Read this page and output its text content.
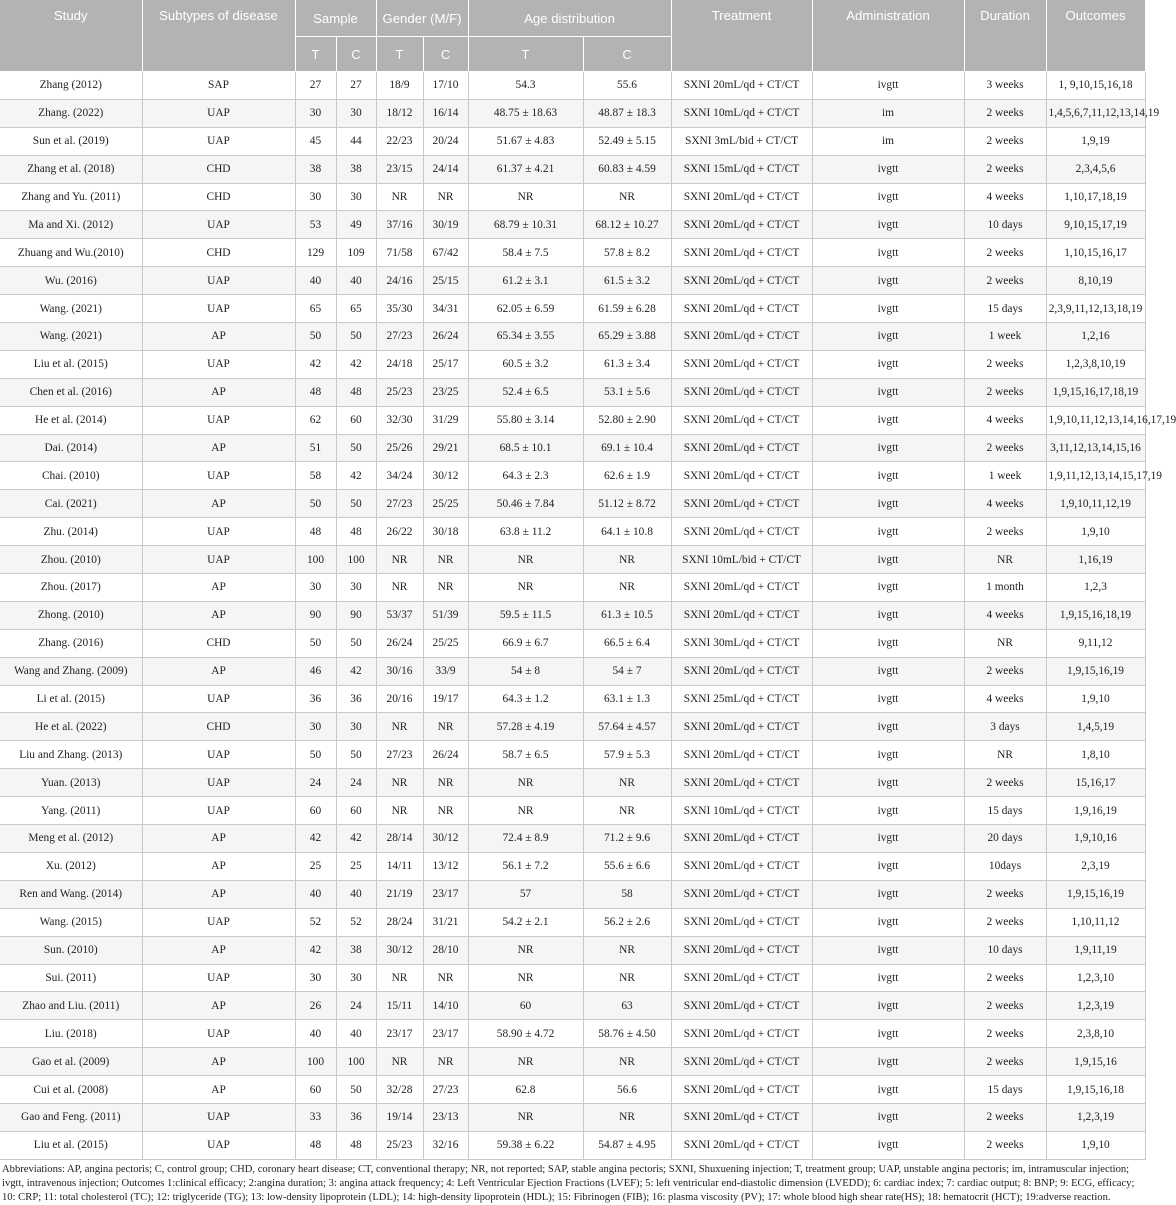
Study	Subtypes of disease	Sample		Gender (M/F)		Age distribution		Treatment	Administration	Duration	Outcomes
		T	C	T	C	T	C				
Zhang (2012)	SAP	27	27	18/9	17/10	54.3	55.6	SXNI 20mL/qd + CT/CT	ivgtt	3 weeks	1, 9,10,15,16,18
Zhang. (2022)	UAP	30	30	18/12	16/14	48.75 ± 18.63	48.87 ± 18.3	SXNI 10mL/qd + CT/CT	im	2 weeks	1,4,5,6,7,11,12,13,14,19
Sun et al. (2019)	UAP	45	44	22/23	20/24	51.67 ± 4.83	52.49 ± 5.15	SXNI 3mL/bid + CT/CT	im	2 weeks	1,9,19
Zhang et al. (2018)	CHD	38	38	23/15	24/14	61.37 ± 4.21	60.83 ± 4.59	SXNI 15mL/qd + CT/CT	ivgtt	2 weeks	2,3,4,5,6
Zhang and Yu. (2011)	CHD	30	30	NR	NR	NR	NR	SXNI 20mL/qd + CT/CT	ivgtt	4 weeks	1,10,17,18,19
Ma and Xi. (2012)	UAP	53	49	37/16	30/19	68.79 ± 10.31	68.12 ± 10.27	SXNI 20mL/qd + CT/CT	ivgtt	10 days	9,10,15,17,19
Zhuang and Wu.(2010)	CHD	129	109	71/58	67/42	58.4 ± 7.5	57.8 ± 8.2	SXNI 20mL/qd + CT/CT	ivgtt	2 weeks	1,10,15,16,17
Wu. (2016)	UAP	40	40	24/16	25/15	61.2 ± 3.1	61.5 ± 3.2	SXNI 20mL/qd + CT/CT	ivgtt	2 weeks	8,10,19
Wang. (2021)	UAP	65	65	35/30	34/31	62.05 ± 6.59	61.59 ± 6.28	SXNI 20mL/qd + CT/CT	ivgtt	15 days	2,3,9,11,12,13,18,19
Wang. (2021)	AP	50	50	27/23	26/24	65.34 ± 3.55	65.29 ± 3.88	SXNI 20mL/qd + CT/CT	ivgtt	1 week	1,2,16
Liu et al. (2015)	UAP	42	42	24/18	25/17	60.5 ± 3.2	61.3 ± 3.4	SXNI 20mL/qd + CT/CT	ivgtt	2 weeks	1,2,3,8,10,19
Chen et al. (2016)	AP	48	48	25/23	23/25	52.4 ± 6.5	53.1 ± 5.6	SXNI 20mL/qd + CT/CT	ivgtt	2 weeks	1,9,15,16,17,18,19
He et al. (2014)	UAP	62	60	32/30	31/29	55.80 ± 3.14	52.80 ± 2.90	SXNI 20mL/qd + CT/CT	ivgtt	4 weeks	1,9,10,11,12,13,14,16,17,19
Dai. (2014)	AP	51	50	25/26	29/21	68.5 ± 10.1	69.1 ± 10.4	SXNI 20mL/qd + CT/CT	ivgtt	2 weeks	3,11,12,13,14,15,16
Chai. (2010)	UAP	58	42	34/24	30/12	64.3 ± 2.3	62.6 ± 1.9	SXNI 20mL/qd + CT/CT	ivgtt	1 week	1,9,11,12,13,14,15,17,19
Cai. (2021)	AP	50	50	27/23	25/25	50.46 ± 7.84	51.12 ± 8.72	SXNI 20mL/qd + CT/CT	ivgtt	4 weeks	1,9,10,11,12,19
Zhu. (2014)	UAP	48	48	26/22	30/18	63.8 ± 11.2	64.1 ± 10.8	SXNI 20mL/qd + CT/CT	ivgtt	2 weeks	1,9,10
Zhou. (2010)	UAP	100	100	NR	NR	NR	NR	SXNI 10mL/bid + CT/CT	ivgtt	NR	1,16,19
Zhou. (2017)	AP	30	30	NR	NR	NR	NR	SXNI 20mL/qd + CT/CT	ivgtt	1 month	1,2,3
Zhong. (2010)	AP	90	90	53/37	51/39	59.5 ± 11.5	61.3 ± 10.5	SXNI 20mL/qd + CT/CT	ivgtt	4 weeks	1,9,15,16,18,19
Zhang. (2016)	CHD	50	50	26/24	25/25	66.9 ± 6.7	66.5 ± 6.4	SXNI 30mL/qd + CT/CT	ivgtt	NR	9,11,12
Wang and Zhang. (2009)	AP	46	42	30/16	33/9	54 ± 8	54 ± 7	SXNI 20mL/qd + CT/CT	ivgtt	2 weeks	1,9,15,16,19
Li et al. (2015)	UAP	36	36	20/16	19/17	64.3 ± 1.2	63.1 ± 1.3	SXNI 25mL/qd + CT/CT	ivgtt	4 weeks	1,9,10
He et al. (2022)	CHD	30	30	NR	NR	57.28 ± 4.19	57.64 ± 4.57	SXNI 20mL/qd + CT/CT	ivgtt	3 days	1,4,5,19
Liu and Zhang. (2013)	UAP	50	50	27/23	26/24	58.7 ± 6.5	57.9 ± 5.3	SXNI 20mL/qd + CT/CT	ivgtt	NR	1,8,10
Yuan. (2013)	UAP	24	24	NR	NR	NR	NR	SXNI 20mL/qd + CT/CT	ivgtt	2 weeks	15,16,17
Yang. (2011)	UAP	60	60	NR	NR	NR	NR	SXNI 10mL/qd + CT/CT	ivgtt	15 days	1,9,16,19
Meng et al. (2012)	AP	42	42	28/14	30/12	72.4 ± 8.9	71.2 ± 9.6	SXNI 20mL/qd + CT/CT	ivgtt	20 days	1,9,10,16
Xu. (2012)	AP	25	25	14/11	13/12	56.1 ± 7.2	55.6 ± 6.6	SXNI 20mL/qd + CT/CT	ivgtt	10days	2,3,19
Ren and Wang. (2014)	AP	40	40	21/19	23/17	57	58	SXNI 20mL/qd + CT/CT	ivgtt	2 weeks	1,9,15,16,19
Wang. (2015)	UAP	52	52	28/24	31/21	54.2 ± 2.1	56.2 ± 2.6	SXNI 20mL/qd + CT/CT	ivgtt	2 weeks	1,10,11,12
Sun. (2010)	AP	42	38	30/12	28/10	NR	NR	SXNI 20mL/qd + CT/CT	ivgtt	10 days	1,9,11,19
Sui. (2011)	UAP	30	30	NR	NR	NR	NR	SXNI 20mL/qd + CT/CT	ivgtt	2 weeks	1,2,3,10
Zhao and Liu. (2011)	AP	26	24	15/11	14/10	60	63	SXNI 20mL/qd + CT/CT	ivgtt	2 weeks	1,2,3,19
Liu. (2018)	UAP	40	40	23/17	23/17	58.90 ± 4.72	58.76 ± 4.50	SXNI 20mL/qd + CT/CT	ivgtt	2 weeks	2,3,8,10
Gao et al. (2009)	AP	100	100	NR	NR	NR	NR	SXNI 20mL/qd + CT/CT	ivgtt	2 weeks	1,9,15,16
Cui et al. (2008)	AP	60	50	32/28	27/23	62.8	56.6	SXNI 20mL/qd + CT/CT	ivgtt	15 days	1,9,15,16,18
Gao and Feng. (2011)	UAP	33	36	19/14	23/13	NR	NR	SXNI 20mL/qd + CT/CT	ivgtt	2 weeks	1,2,3,19
Liu et al. (2015)	UAP	48	48	25/23	32/16	59.38 ± 6.22	54.87 ± 4.95	SXNI 20mL/qd + CT/CT	ivgtt	2 weeks	1,9,10
Abbreviations: AP, angina pectoris; C, control group; CHD, coronary heart disease; CT, conventional therapy; NR, not reported; SAP, stable angina pectoris; SXNI, Shuxuening injection; T, treatment group; UAP, unstable angina pectoris; im, intramuscular injection; ivgtt, intravenous injection; Outcomes 1:clinical efficacy; 2:angina duration; 3: angina attack frequency; 4: Left Ventricular Ejection Fractions (LVEF); 5: left ventricular end-diastolic dimension (LVEDD); 6: cardiac index; 7: cardiac output; 8: BNP; 9: ECG, efficacy; 10: CRP; 11: total cholesterol (TC); 12: triglyceride (TG); 13: low-density lipoprotein (LDL); 14: high-density lipoprotein (HDL); 15: Fibrinogen (FIB); 16: plasma viscosity (PV); 17: whole blood high shear rate(HS); 18: hematocrit (HCT); 19:adverse reaction.
